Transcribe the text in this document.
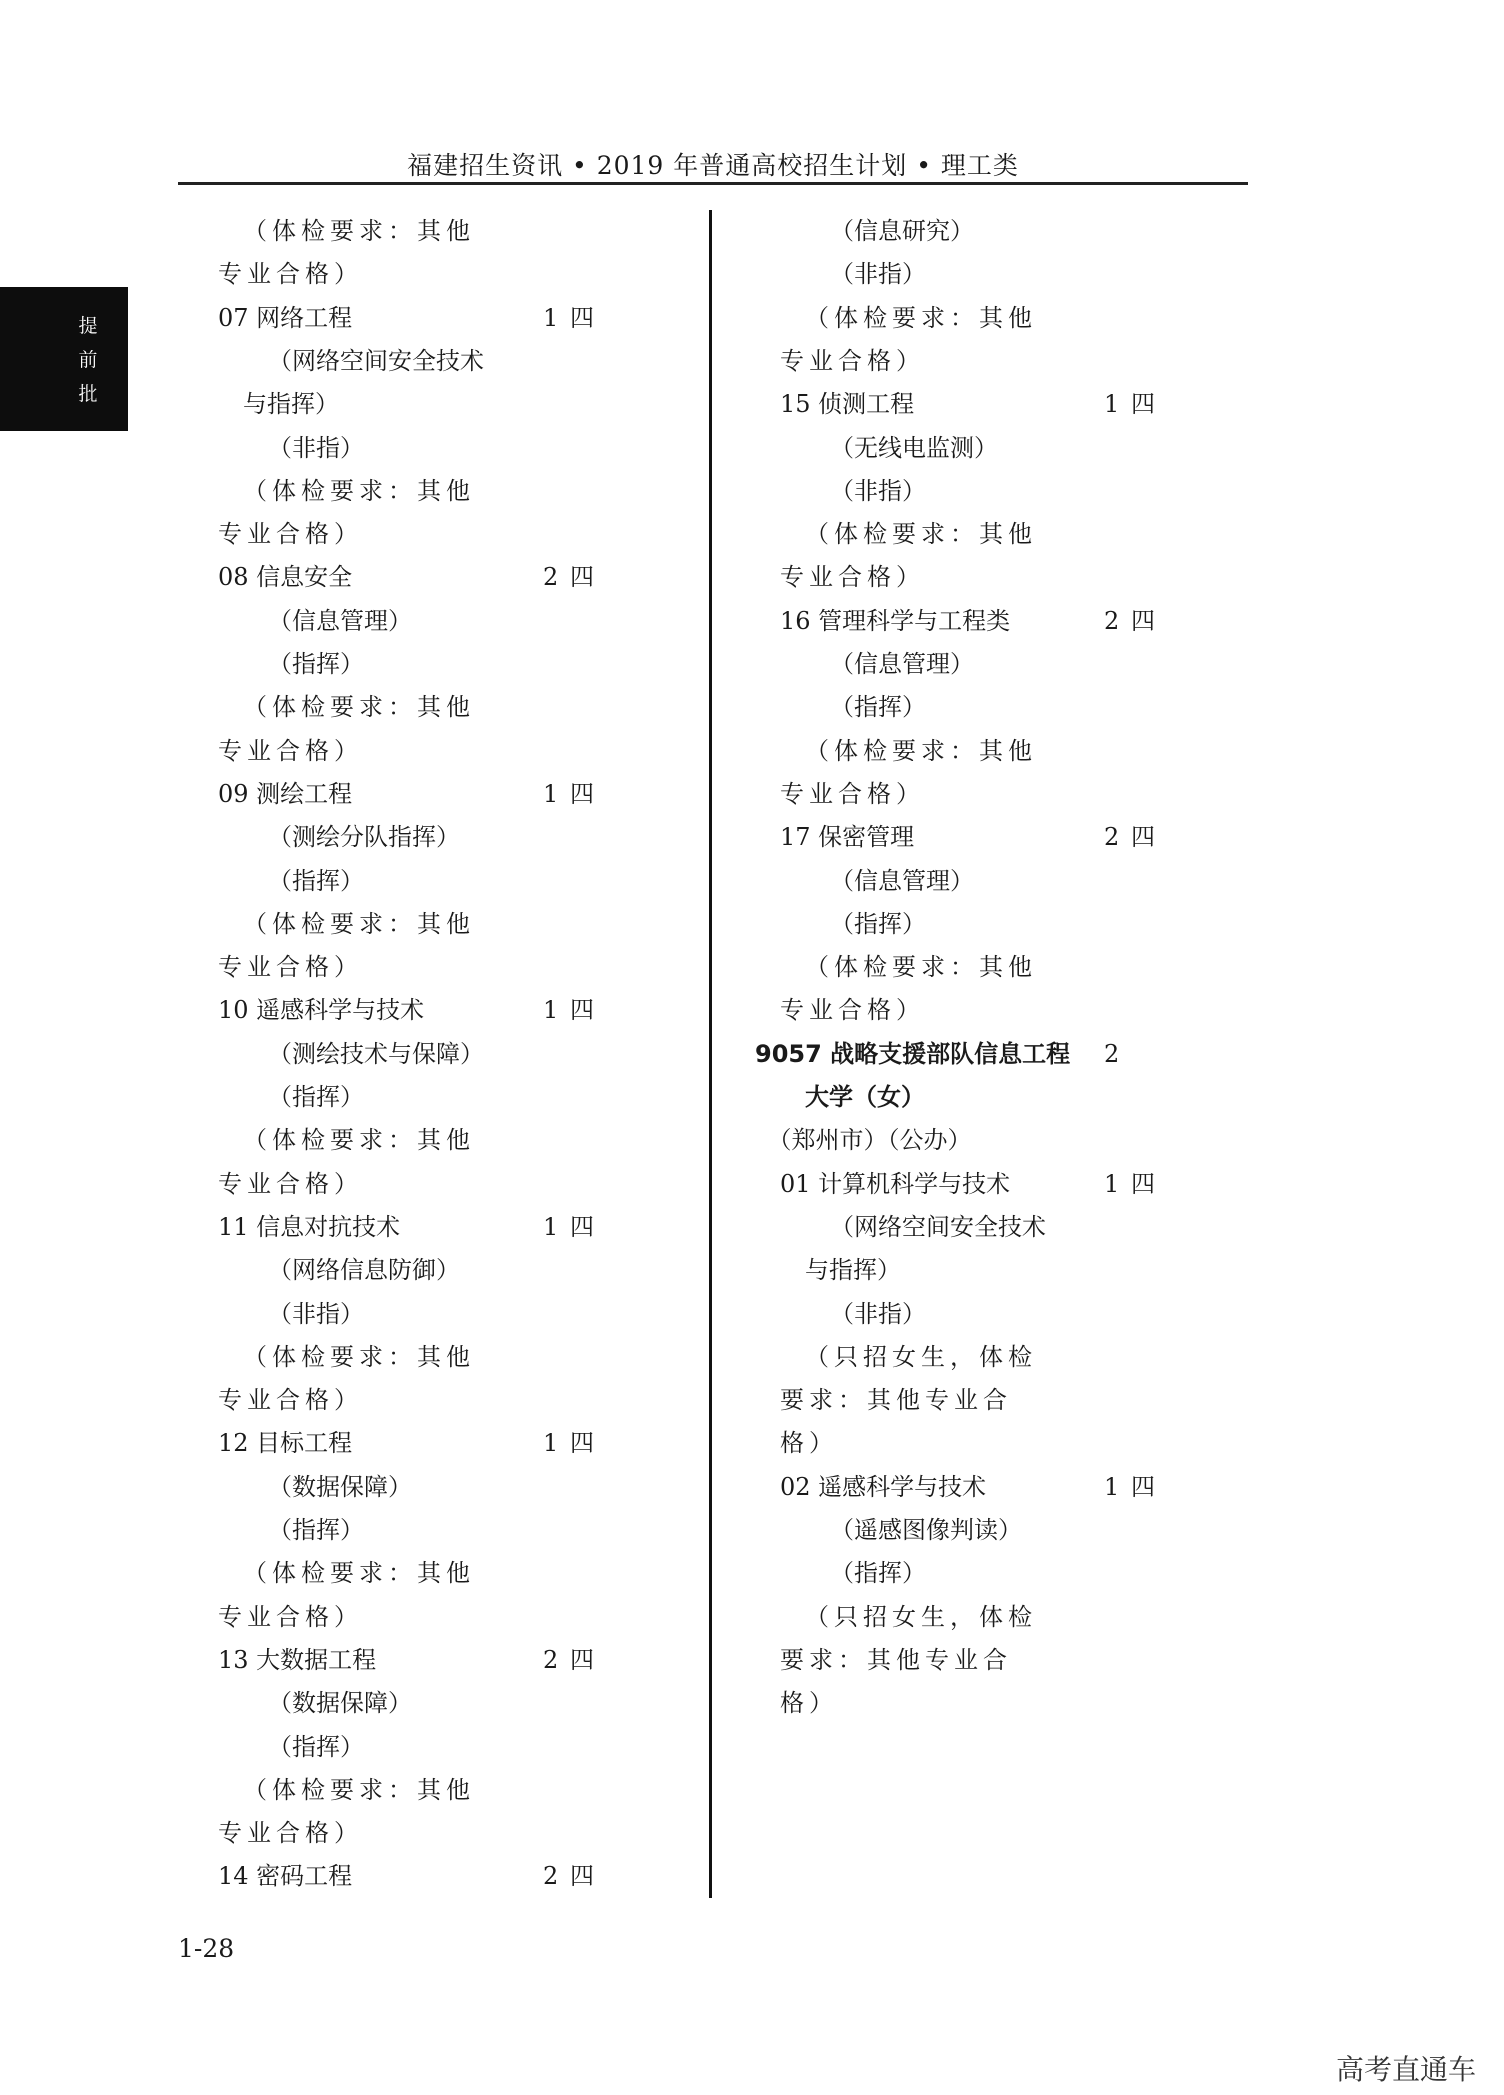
福建招生资讯 • 2019 年普通高校招生计划 • 理工类
提
前
批
（体检要求：其他
专业合格）
07 网络工程	1 四
（网络空间安全技术
与指挥）
（非指）
（体检要求：其他
专业合格）
08 信息安全	2 四
（信息管理）
（指挥）
（体检要求：其他
专业合格）
09 测绘工程	1 四
（测绘分队指挥）
（指挥）
（体检要求：其他
专业合格）
10 遥感科学与技术	1 四
（测绘技术与保障）
（指挥）
（体检要求：其他
专业合格）
11 信息对抗技术	1 四
（网络信息防御）
（非指）
（体检要求：其他
专业合格）
12 目标工程	1 四
（数据保障）
（指挥）
（体检要求：其他
专业合格）
13 大数据工程	2 四
（数据保障）
（指挥）
（体检要求：其他
专业合格）
14 密码工程	2 四
（信息研究）
（非指）
（体检要求：其他
专业合格）
15 侦测工程	1 四
（无线电监测）
（非指）
（体检要求：其他
专业合格）
16 管理科学与工程类	2 四
（信息管理）
（指挥）
（体检要求：其他
专业合格）
17 保密管理	2 四
（信息管理）
（指挥）
（体检要求：其他
专业合格）
9057 战略支援部队信息工程 2
大学（女）
（郑州市）（公办）
01 计算机科学与技术	1 四
（网络空间安全技术
与指挥）
（非指）
（只招女生，体检
要求：其他专业合
格）
02 遥感科学与技术	1 四
（遥感图像判读）
（指挥）
（只招女生，体检
要求：其他专业合
格）
1-28
高考直通车
